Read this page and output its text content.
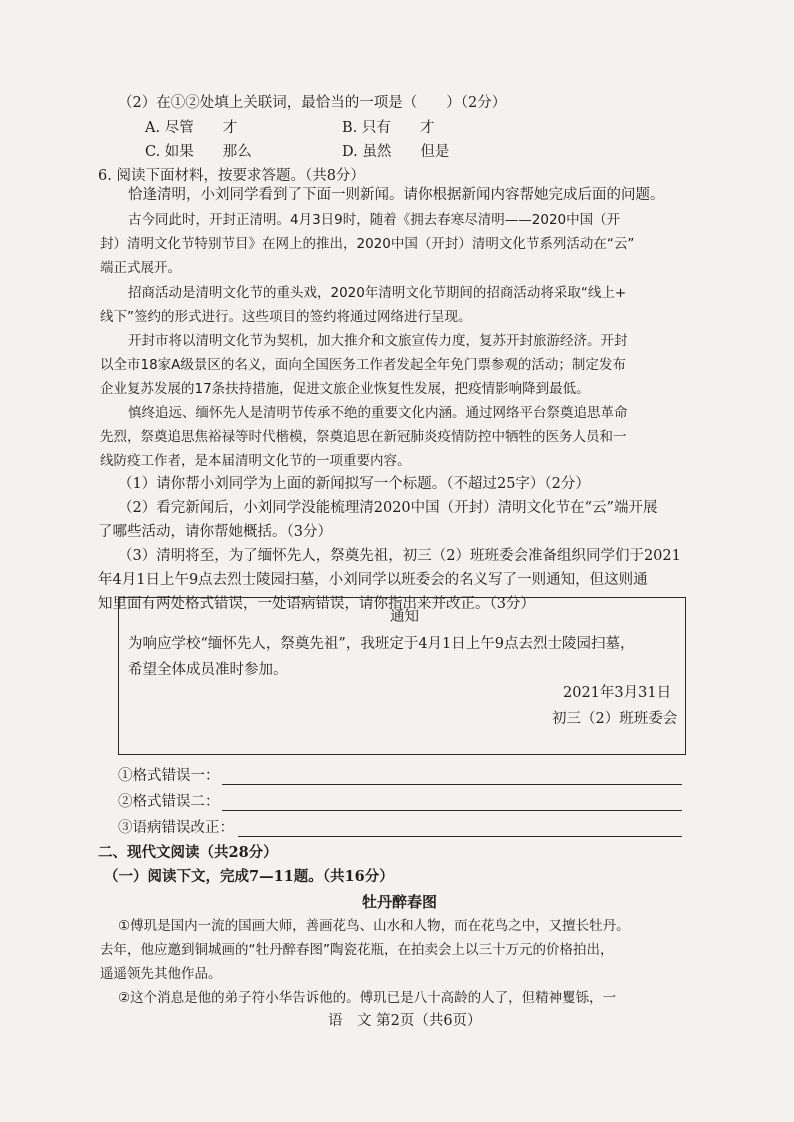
（2）在①②处填上关联词，最恰当的一项是（　　）（2分）
A. 尽管　　才	B. 只有　　才
C. 如果　　那么	D. 虽然　　但是
6. 阅读下面材料，按要求答题。（共8分）
恰逢清明，小刘同学看到了下面一则新闻。请你根据新闻内容帮她完成后面的问题。
古今同此时，开封正清明。4月3日9时，随着《拥去春寒尽清明——2020中国（开
封）清明文化节特别节目》在网上的推出，2020中国（开封）清明文化节系列活动在“云”
端正式展开。
招商活动是清明文化节的重头戏，2020年清明文化节期间的招商活动将采取“线上+
线下”签约的形式进行。这些项目的签约将通过网络进行呈现。
开封市将以清明文化节为契机，加大推介和文旅宣传力度，复苏开封旅游经济。开封
以全市18家A级景区的名义，面向全国医务工作者发起全年免门票参观的活动；制定发布
企业复苏发展的17条扶持措施，促进文旅企业恢复性发展，把疫情影响降到最低。
慎终追远、缅怀先人是清明节传承不绝的重要文化内涵。通过网络平台祭奠追思革命
先烈，祭奠追思焦裕禄等时代楷模，祭奠追思在新冠肺炎疫情防控中牺牲的医务人员和一
线防疫工作者，是本届清明文化节的一项重要内容。
（1）请你帮小刘同学为上面的新闻拟写一个标题。（不超过25字）（2分）
（2）看完新闻后，小刘同学没能梳理清2020中国（开封）清明文化节在“云”端开展
了哪些活动，请你帮她概括。（3分）
（3）清明将至，为了缅怀先人，祭奠先祖，初三（2）班班委会准备组织同学们于2021
年4月1日上午9点去烈士陵园扫墓，小刘同学以班委会的名义写了一则通知，但这则通
知里面有两处格式错误，一处语病错误，请你指出来并改正。（3分）
通知
为响应学校“缅怀先人，祭奠先祖”，我班定于4月1日上午9点去烈士陵园扫墓，
希望全体成员准时参加。
2021年3月31日
初三（2）班班委会
①格式错误一：
②格式错误二：
③语病错误改正：
二、现代文阅读（共28分）
（一）阅读下文，完成7—11题。（共16分）
牡丹醉春图
①傅玑是国内一流的国画大师，善画花鸟、山水和人物，而在花鸟之中，又擅长牡丹。
去年，他应邀到铜城画的“牡丹醉春图”陶瓷花瓶，在拍卖会上以三十万元的价格拍出，
遥遥领先其他作品。
②这个消息是他的弟子符小华告诉他的。傅玑已是八十高龄的人了，但精神矍铄，一
语　文 第2页（共6页）
